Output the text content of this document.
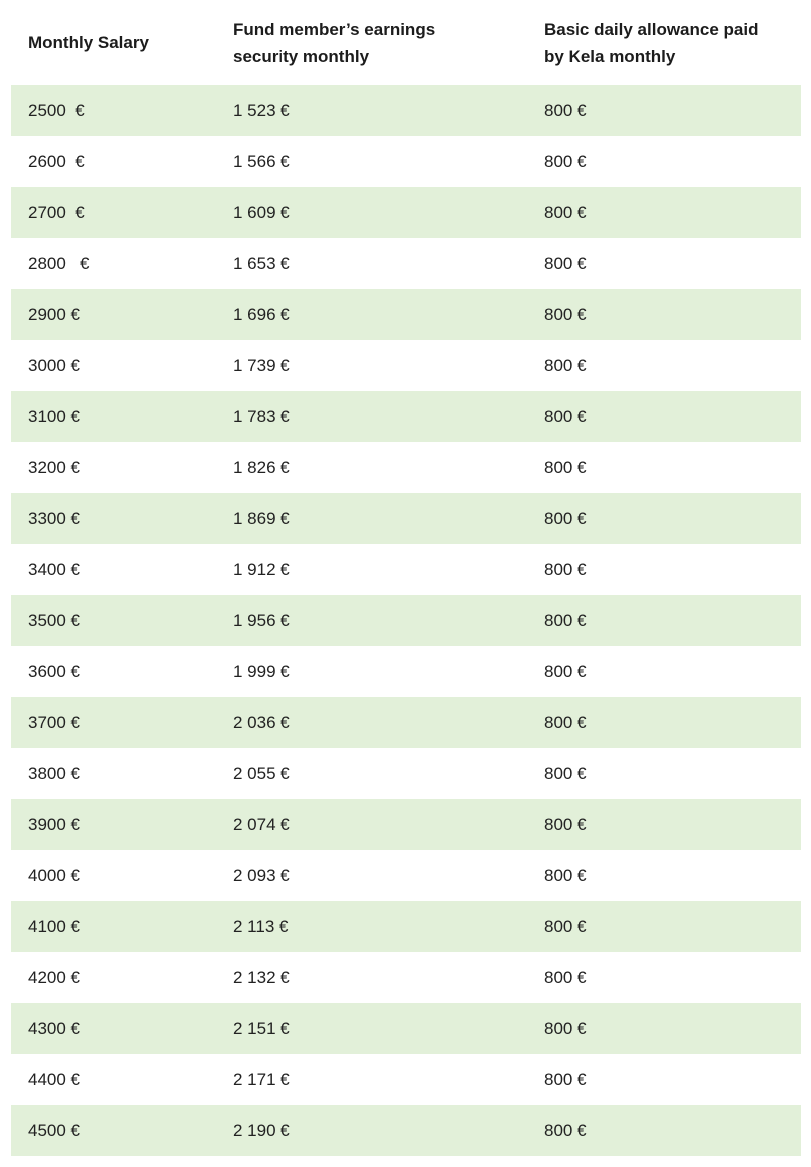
Monthly Salary	Fund member’s earnings security monthly	Basic daily allowance paid by Kela monthly

2500  €	1 523 €	800 €
2600  €	1 566 €	800 €
2700  €	1 609 €	800 €
2800   €	1 653 €	800 €
2900 €	1 696 €	800 €
3000 €	1 739 €	800 €
3100 €	1 783 €	800 €
3200 €	1 826 €	800 €
3300 €	1 869 €	800 €
3400 €	1 912 €	800 €
3500 €	1 956 €	800 €
3600 €	1 999 €	800 €
3700 €	2 036 €	800 €
3800 €	2 055 €	800 €
3900 €	2 074 €	800 €
4000 €	2 093 €	800 €
4100 €	2 113 €	800 €
4200 €	2 132 €	800 €
4300 €	2 151 €	800 €
4400 €	2 171 €	800 €
4500 €	2 190 €	800 €
